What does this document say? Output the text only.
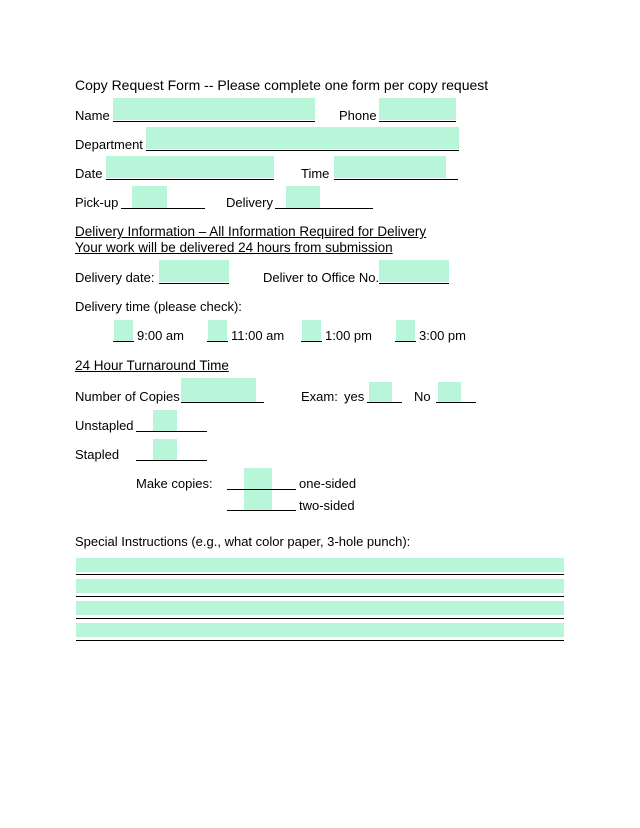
Copy Request Form -- Please complete one form per copy request
Name	Phone
Department
Date	Time
Pick-up	Delivery
Delivery Information – All Information Required for Delivery
Your work will be delivered 24 hours from submission
Delivery date:	Deliver to Office No.
Delivery time (please check):
9:00 am	11:00 am	1:00 pm	3:00 pm
24 Hour Turnaround Time
Number of Copies	Exam: yes	No
Unstapled
Stapled
Make copies:	one-sided
two-sided
Special Instructions (e.g., what color paper, 3-hole punch):
